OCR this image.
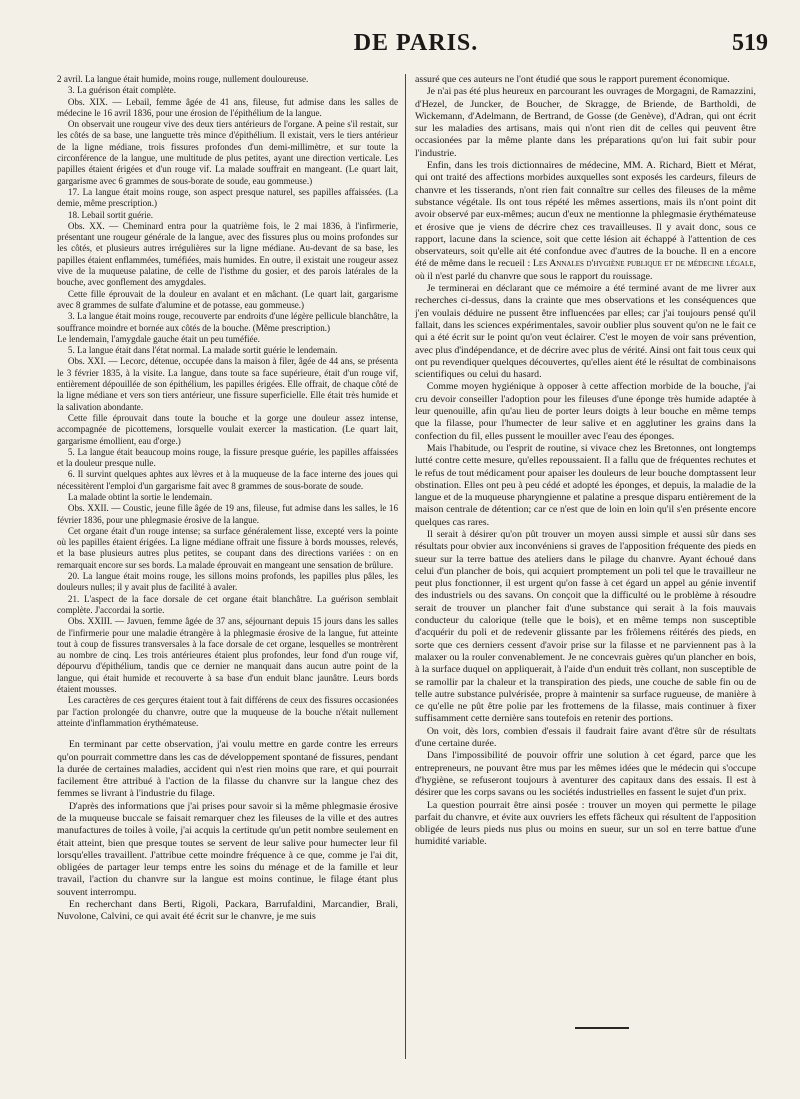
DE PARIS.	519

2 avril. La langue était humide, moins rouge, nullement douloureuse.

3. La guérison était complète.

Obs. XIX. — Lebail, femme âgée de 41 ans, fileuse, fut admise dans les salles de médecine le 16 avril 1836, pour une érosion de l'épithélium de la langue.

On observait une rougeur vive des deux tiers antérieurs de l'organe. A peine s'il restait, sur les côtés de sa base, une languette très mince d'épithélium. Il existait, vers le tiers antérieur de la ligne médiane, trois fissures profondes d'un demi-millimètre, et sur toute la circonférence de la langue, une multitude de plus petites, ayant une direction verticale. Les papilles étaient érigées et d'un rouge vif. La malade souffrait en mangeant. (Le quart lait, gargarisme avec 6 grammes de sous-borate de soude, eau gommeuse.)

17. La langue était moins rouge, son aspect presque naturel, ses papilles affaissées. (La demie, même prescription.)

18. Lebail sortit guérie.

Obs. XX. — Cheminard entra pour la quatrième fois, le 2 mai 1836, à l'infirmerie, présentant une rougeur générale de la langue, avec des fissures plus ou moins profondes sur les côtés, et plusieurs autres irrégulières sur la ligne médiane. Au-devant de sa base, les papilles étaient enflammées, tuméfiées, mais humides. En outre, il existait une rougeur assez vive de la muqueuse palatine, de celle de l'isthme du gosier, et des parois latérales de la bouche, avec gonflement des amygdales.

Cette fille éprouvait de la douleur en avalant et en mâchant. (Le quart lait, gargarisme avec 8 grammes de sulfate d'alumine et de potasse, eau gommeuse.)

3. La langue était moins rouge, recouverte par endroits d'une légère pellicule blanchâtre, la souffrance moindre et bornée aux côtés de la bouche. (Même prescription.)

Le lendemain, l'amygdale gauche était un peu tuméfiée.

5. La langue était dans l'état normal. La malade sortit guérie le lendemain.

Obs. XXI. — Lecorc, détenue, occupée dans la maison à filer, âgée de 44 ans, se présenta le 3 février 1835, à la visite. La langue, dans toute sa face supérieure, était d'un rouge vif, entièrement dépouillée de son épithélium, les papilles érigées. Elle offrait, de chaque côté de la ligne médiane et vers son tiers antérieur, une fissure superficielle. Elle était très humide et la salivation abondante.

Cette fille éprouvait dans toute la bouche et la gorge une douleur assez intense, accompagnée de picottemens, lorsquelle voulait exercer la mastication. (Le quart lait, gargarisme émollient, eau d'orge.)

5. La langue était beaucoup moins rouge, la fissure presque guérie, les papilles affaissées et la douleur presque nulle.

6. Il survint quelques aphtes aux lèvres et à la muqueuse de la face interne des joues qui nécessitèrent l'emploi d'un gargarisme fait avec 8 grammes de sous-borate de soude.

La malade obtint la sortie le lendemain.

Obs. XXII. — Coustic, jeune fille âgée de 19 ans, fileuse, fut admise dans les salles, le 16 février 1836, pour une phlegmasie érosive de la langue.

Cet organe était d'un rouge intense; sa surface généralement lisse, excepté vers la pointe où les papilles étaient érigées. La ligne médiane offrait une fissure à bords mousses, relevés, et la base plusieurs autres plus petites, se coupant dans des directions variées : on en remarquait encore sur ses bords. La malade éprouvait en mangeant une sensation de brûlure.

20. La langue était moins rouge, les sillons moins profonds, les papilles plus pâles, les douleurs nulles; il y avait plus de facilité à avaler.

21. L'aspect de la face dorsale de cet organe était blanchâtre. La guérison semblait complète. J'accordai la sortie.

Obs. XXIII. — Javuen, femme âgée de 37 ans, séjournant depuis 15 jours dans les salles de l'infirmerie pour une maladie étrangère à la phlegmasie érosive de la langue, fut atteinte tout à coup de fissures transversales à la face dorsale de cet organe, lesquelles se montrèrent au nombre de cinq. Les trois antérieures étaient plus profondes, leur fond d'un rouge vif, dépourvu d'épithélium, tandis que ce dernier ne manquait dans aucun autre point de la langue, qui était humide et recouverte à sa base d'un enduit blanc jaunâtre. Leurs bords étaient mousses.

Les caractères de ces gerçures étaient tout à fait différens de ceux des fissures occasionées par l'action prolongée du chanvre, outre que la muqueuse de la bouche n'était nullement atteinte d'inflammation érythémateuse.

En terminant par cette observation, j'ai voulu mettre en garde contre les erreurs qu'on pourrait commettre dans les cas de développement spontané de fissures, pendant la durée de certaines maladies, accident qui n'est rien moins que rare, et qui pourrait facilement être attribué à l'action de la filasse du chanvre sur la langue chez des femmes se livrant à l'industrie du filage.

D'après des informations que j'ai prises pour savoir si la même phlegmasie érosive de la muqueuse buccale se faisait remarquer chez les fileuses de la ville et des autres manufactures de toiles à voile, j'ai acquis la certitude qu'un petit nombre seulement en était atteint, bien que presque toutes se servent de leur salive pour humecter leur fil lorsqu'elles travaillent. J'attribue cette moindre fréquence à ce que, comme je l'ai dit, obligées de partager leur temps entre les soins du ménage et de la famille et leur travail, l'action du chanvre sur la langue est moins continue, le filage étant plus souvent interrompu.

En recherchant dans Berti, Rigoli, Packara, Barrufaldini, Marcandier, Brali, Nuvolone, Calvini, ce qui avait été écrit sur le chanvre, je me suis

assuré que ces auteurs ne l'ont étudié que sous le rapport purement économique.

Je n'ai pas été plus heureux en parcourant les ouvrages de Morgagni, de Ramazzini, d'Hezel, de Juncker, de Boucher, de Skragge, de Briende, de Bartholdi, de Wickemann, d'Adelmann, de Bertrand, de Gosse (de Genève), d'Adran, qui ont écrit sur les maladies des artisans, mais qui n'ont rien dit de celles qui peuvent être occasionées par la même plante dans les préparations qu'on lui fait subir pour l'industrie.

Enfin, dans les trois dictionnaires de médecine, MM. A. Richard, Biett et Mérat, qui ont traité des affections morbides auxquelles sont exposés les cardeurs, fileurs de chanvre et les tisserands, n'ont rien fait connaître sur celles des fileuses de la même substance végétale. Ils ont tous répété les mêmes assertions, mais ils n'ont point dit avoir observé par eux-mêmes; aucun d'eux ne mentionne la phlegmasie érythémateuse et érosive que je viens de décrire chez ces travailleuses. Il y avait donc, sous ce rapport, lacune dans la science, soit que cette lésion ait échappé à l'attention de ces observateurs, soit qu'elle ait été confondue avec d'autres de la bouche. Il en a encore été de même dans le recueil : Les Annales d'hygiène publique et de médecine légale, où il n'est parlé du chanvre que sous le rapport du rouissage.

Je terminerai en déclarant que ce mémoire a été terminé avant de me livrer aux recherches ci-dessus, dans la crainte que mes observations et les conséquences que j'en voulais déduire ne pussent être influencées par elles; car j'ai toujours pensé qu'il fallait, dans les sciences expérimentales, savoir oublier plus souvent qu'on ne le fait ce qui a été écrit sur le point qu'on veut éclairer. C'est le moyen de voir sans prévention, avec plus d'indépendance, et de décrire avec plus de vérité. Ainsi ont fait tous ceux qui ont pu revendiquer quelques découvertes, qu'elles aient été le résultat de combinaisons scientifiques ou celui du hasard.

Comme moyen hygiénique à opposer à cette affection morbide de la bouche, j'ai cru devoir conseiller l'adoption pour les fileuses d'une éponge très humide adaptée à leur quenouille, afin qu'au lieu de porter leurs doigts à leur bouche en même temps que la filasse, pour l'humecter de leur salive et en agglutiner les grains dans la confection du fil, elles pussent le mouiller avec l'eau des éponges.

Mais l'habitude, ou l'esprit de routine, si vivace chez les Bretonnes, ont longtemps lutté contre cette mesure, qu'elles repoussaient. Il a fallu que de fréquentes rechutes et le refus de tout médicament pour apaiser les douleurs de leur bouche domptassent leur obstination. Elles ont peu à peu cédé et adopté les éponges, et depuis, la maladie de la langue et de la muqueuse pharyngienne et palatine a presque disparu entièrement de la maison centrale de détention; car ce n'est que de loin en loin qu'il s'en présente encore quelques cas rares.

Il serait à désirer qu'on pût trouver un moyen aussi simple et aussi sûr dans ses résultats pour obvier aux inconvéniens si graves de l'apposition fréquente des pieds en sueur sur la terre battue des ateliers dans le pilage du chanvre. Ayant échoué dans celui d'un plancher de bois, qui acquiert promptement un poli tel que le travailleur ne peut plus fonctionner, il est urgent qu'on fasse à cet égard un appel au génie inventif des industriels ou des savans. On conçoit que la difficulté ou le problème à résoudre serait de trouver un plancher fait d'une substance qui serait à la fois mauvais conducteur du calorique (telle que le bois), et en même temps non susceptible d'acquérir du poli et de redevenir glissante par les frôlemens réitérés des pieds, en sorte que ces derniers cessent d'avoir prise sur la filasse et ne parviennent pas à la malaxer ou la rouler convenablement. Je ne concevrais guères qu'un plancher en bois, à la surface duquel on appliquerait, à l'aide d'un enduit très collant, non susceptible de se ramollir par la chaleur et la transpiration des pieds, une couche de sable fin ou de telle autre substance pulvérisée, propre à maintenir sa surface rugueuse, de manière à ce qu'elle ne pût être polie par les frottemens de la filasse, mais continuer à fixer suffisamment cette dernière sans toutefois en retenir des portions.

On voit, dès lors, combien d'essais il faudrait faire avant d'être sûr de résultats d'une certaine durée.

Dans l'impossibilité de pouvoir offrir une solution à cet égard, parce que les entrepreneurs, ne pouvant être mus par les mêmes idées que le médecin qui s'occupe d'hygiène, se refuseront toujours à aventurer des capitaux dans des essais. Il est à désirer que les corps savans ou les sociétés industrielles en fassent le sujet d'un prix.

La question pourrait être ainsi posée : trouver un moyen qui permette le pilage parfait du chanvre, et évite aux ouvriers les effets fâcheux qui résultent de l'apposition obligée de leurs pieds nus plus ou moins en sueur, sur un sol en terre battue d'une humidité variable.
